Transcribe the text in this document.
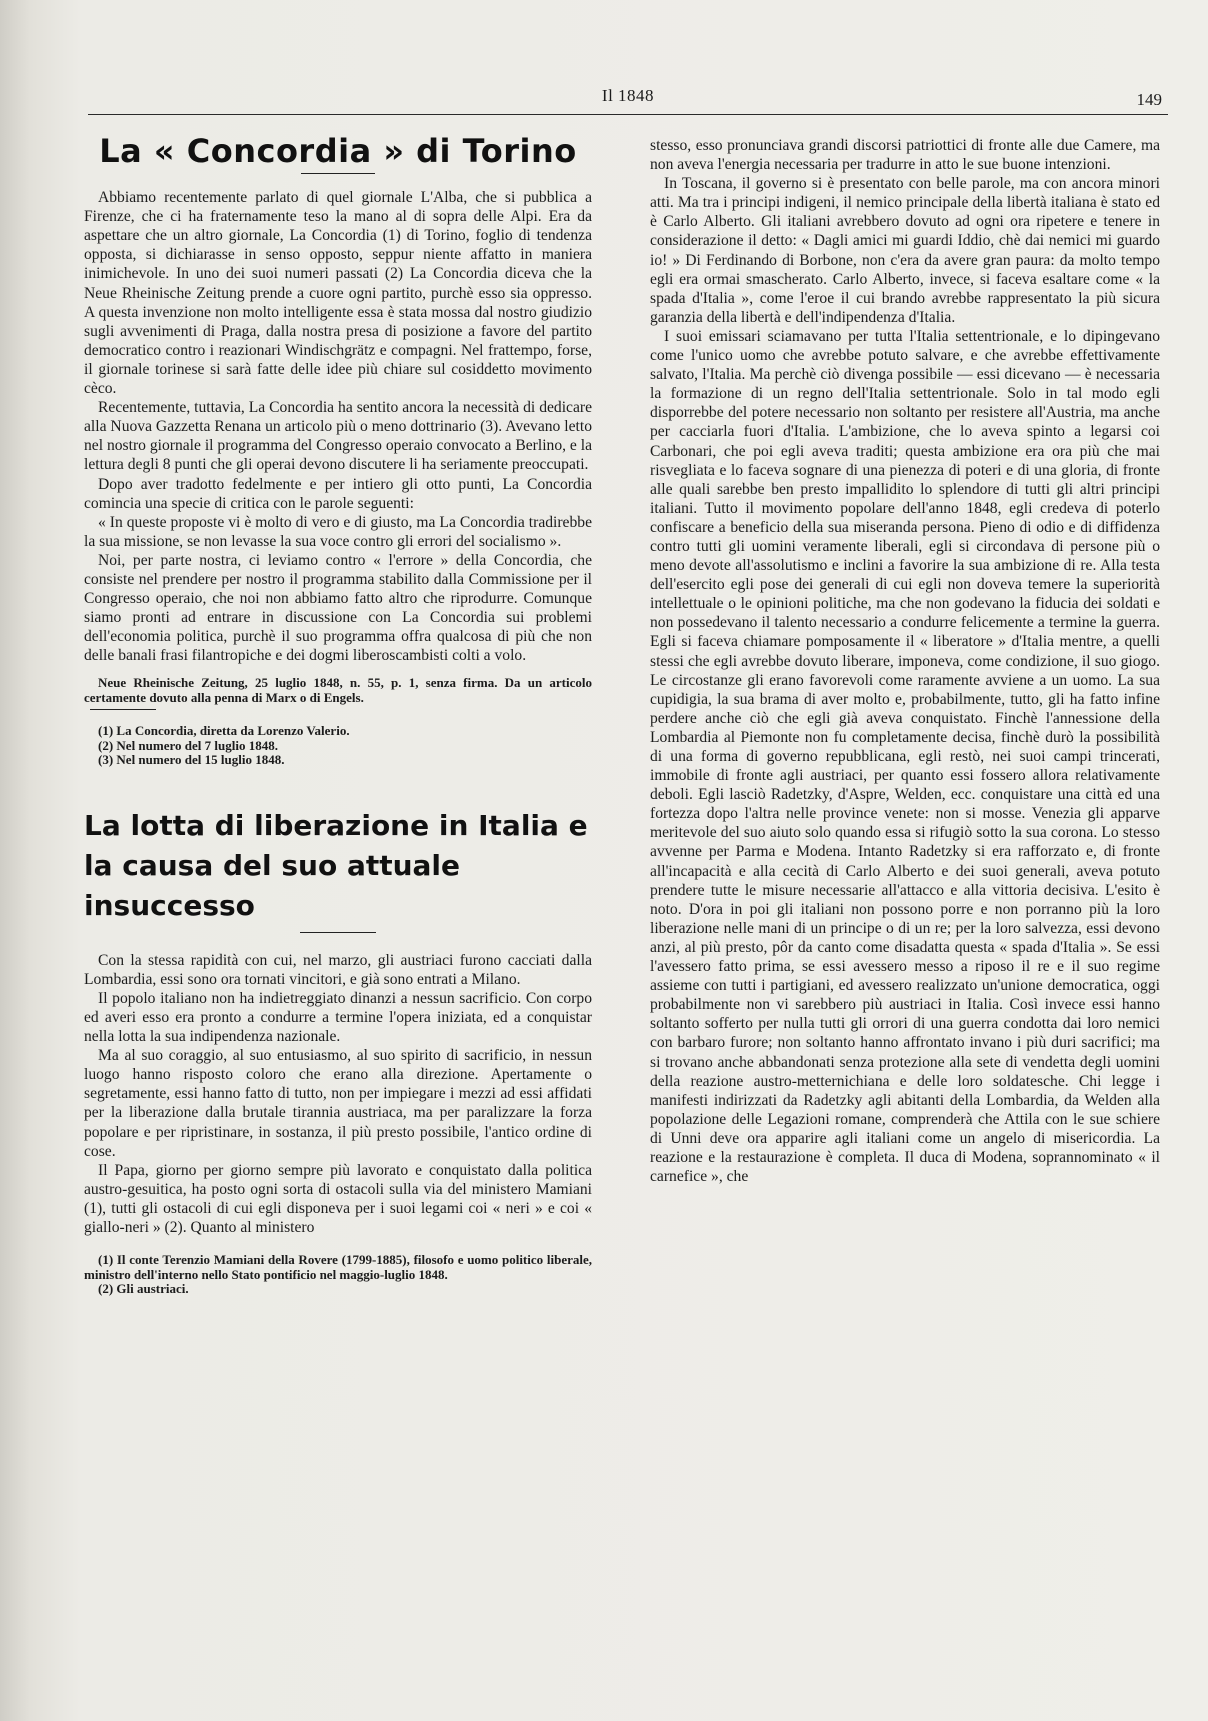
Il 1848	149
La « Concordia » di Torino

Abbiamo recentemente parlato di quel giornale L'Alba, che si pubblica a Firenze, che ci ha fraternamente teso la mano al di sopra delle Alpi. Era da aspettare che un altro giornale, La Concordia (1) di Torino, foglio di tendenza opposta, si dichiarasse in senso opposto, seppur niente affatto in maniera inimichevole. In uno dei suoi numeri passati (2) La Concordia diceva che la Neue Rheinische Zeitung prende a cuore ogni partito, purchè esso sia oppresso. A questa invenzione non molto intelligente essa è stata mossa dal nostro giudizio sugli avvenimenti di Praga, dalla nostra presa di posizione a favore del partito democratico contro i reazionari Windischgrätz e compagni. Nel frattempo, forse, il giornale torinese si sarà fatte delle idee più chiare sul cosiddetto movimento cèco.

Recentemente, tuttavia, La Concordia ha sentito ancora la necessità di dedicare alla Nuova Gazzetta Renana un articolo più o meno dottrinario (3). Avevano letto nel nostro giornale il programma del Congresso operaio convocato a Berlino, e la lettura degli 8 punti che gli operai devono discutere li ha seriamente preoccupati.

Dopo aver tradotto fedelmente e per intiero gli otto punti, La Concordia comincia una specie di critica con le parole seguenti:

« In queste proposte vi è molto di vero e di giusto, ma La Concordia tradirebbe la sua missione, se non levasse la sua voce contro gli errori del socialismo ».

Noi, per parte nostra, ci leviamo contro « l'errore » della Concordia, che consiste nel prendere per nostro il programma stabilito dalla Commissione per il Congresso operaio, che noi non abbiamo fatto altro che riprodurre. Comunque siamo pronti ad entrare in discussione con La Concordia sui problemi dell'economia politica, purchè il suo programma offra qualcosa di più che non delle banali frasi filantropiche e dei dogmi liberoscambisti colti a volo.

Neue Rheinische Zeitung, 25 luglio 1848, n. 55, p. 1, senza firma. Da un articolo certamente dovuto alla penna di Marx o di Engels.
(1) La Concordia, diretta da Lorenzo Valerio.
(2) Nel numero del 7 luglio 1848.
(3) Nel numero del 15 luglio 1848.
La lotta di liberazione in Italia e la causa del suo attuale insuccesso

Con la stessa rapidità con cui, nel marzo, gli austriaci furono cacciati dalla Lombardia, essi sono ora tornati vincitori, e già sono entrati a Milano.

Il popolo italiano non ha indietreggiato dinanzi a nessun sacrificio. Con corpo ed averi esso era pronto a condurre a termine l'opera iniziata, ed a conquistar nella lotta la sua indipendenza nazionale.

Ma al suo coraggio, al suo entusiasmo, al suo spirito di sacrificio, in nessun luogo hanno risposto coloro che erano alla direzione. Apertamente o segretamente, essi hanno fatto di tutto, non per impiegare i mezzi ad essi affidati per la liberazione dalla brutale tirannia austriaca, ma per paralizzare la forza popolare e per ripristinare, in sostanza, il più presto possibile, l'antico ordine di cose.

Il Papa, giorno per giorno sempre più lavorato e conquistato dalla politica austro-gesuitica, ha posto ogni sorta di ostacoli sulla via del ministero Mamiani (1), tutti gli ostacoli di cui egli disponeva per i suoi legami coi « neri » e coi « giallo-neri » (2). Quanto al ministero

(1) Il conte Terenzio Mamiani della Rovere (1799-1885), filosofo e uomo politico liberale, ministro dell'interno nello Stato pontificio nel maggio-luglio 1848.
(2) Gli austriaci.

stesso, esso pronunciava grandi discorsi patriottici di fronte alle due Camere, ma non aveva l'energia necessaria per tradurre in atto le sue buone intenzioni.

In Toscana, il governo si è presentato con belle parole, ma con ancora minori atti. Ma tra i principi indigeni, il nemico principale della libertà italiana è stato ed è Carlo Alberto. Gli italiani avrebbero dovuto ad ogni ora ripetere e tenere in considerazione il detto: « Dagli amici mi guardi Iddio, chè dai nemici mi guardo io! » Di Ferdinando di Borbone, non c'era da avere gran paura: da molto tempo egli era ormai smascherato. Carlo Alberto, invece, si faceva esaltare come « la spada d'Italia », come l'eroe il cui brando avrebbe rappresentato la più sicura garanzia della libertà e dell'indipendenza d'Italia.

I suoi emissari sciamavano per tutta l'Italia settentrionale, e lo dipingevano come l'unico uomo che avrebbe potuto salvare, e che avrebbe effettivamente salvato, l'Italia. Ma perchè ciò divenga possibile — essi dicevano — è necessaria la formazione di un regno dell'Italia settentrionale. Solo in tal modo egli disporrebbe del potere necessario non soltanto per resistere all'Austria, ma anche per cacciarla fuori d'Italia. L'ambizione, che lo aveva spinto a legarsi coi Carbonari, che poi egli aveva traditi; questa ambizione era ora più che mai risvegliata e lo faceva sognare di una pienezza di poteri e di una gloria, di fronte alle quali sarebbe ben presto impallidito lo splendore di tutti gli altri principi italiani. Tutto il movimento popolare dell'anno 1848, egli credeva di poterlo confiscare a beneficio della sua miseranda persona. Pieno di odio e di diffidenza contro tutti gli uomini veramente liberali, egli si circondava di persone più o meno devote all'assolutismo e inclini a favorire la sua ambizione di re. Alla testa dell'esercito egli pose dei generali di cui egli non doveva temere la superiorità intellettuale o le opinioni politiche, ma che non godevano la fiducia dei soldati e non possedevano il talento necessario a condurre felicemente a termine la guerra. Egli si faceva chiamare pomposamente il « liberatore » d'Italia mentre, a quelli stessi che egli avrebbe dovuto liberare, imponeva, come condizione, il suo giogo. Le circostanze gli erano favorevoli come raramente avviene a un uomo. La sua cupidigia, la sua brama di aver molto e, probabilmente, tutto, gli ha fatto infine perdere anche ciò che egli già aveva conquistato. Finchè l'annessione della Lombardia al Piemonte non fu completamente decisa, finchè durò la possibilità di una forma di governo repubblicana, egli restò, nei suoi campi trincerati, immobile di fronte agli austriaci, per quanto essi fossero allora relativamente deboli. Egli lasciò Radetzky, d'Aspre, Welden, ecc. conquistare una città ed una fortezza dopo l'altra nelle province venete: non si mosse. Venezia gli apparve meritevole del suo aiuto solo quando essa si rifugiò sotto la sua corona. Lo stesso avvenne per Parma e Modena. Intanto Radetzky si era rafforzato e, di fronte all'incapacità e alla cecità di Carlo Alberto e dei suoi generali, aveva potuto prendere tutte le misure necessarie all'attacco e alla vittoria decisiva. L'esito è noto. D'ora in poi gli italiani non possono porre e non porranno più la loro liberazione nelle mani di un principe o di un re; per la loro salvezza, essi devono anzi, al più presto, pôr da canto come disadatta questa « spada d'Italia ». Se essi l'avessero fatto prima, se essi avessero messo a riposo il re e il suo regime assieme con tutti i partigiani, ed avessero realizzato un'unione democratica, oggi probabilmente non vi sarebbero più austriaci in Italia. Così invece essi hanno soltanto sofferto per nulla tutti gli orrori di una guerra condotta dai loro nemici con barbaro furore; non soltanto hanno affrontato invano i più duri sacrifici; ma si trovano anche abbandonati senza protezione alla sete di vendetta degli uomini della reazione austro-metternichiana e delle loro soldatesche. Chi legge i manifesti indirizzati da Radetzky agli abitanti della Lombardia, da Welden alla popolazione delle Legazioni romane, comprenderà che Attila con le sue schiere di Unni deve ora apparire agli italiani come un angelo di misericordia. La reazione e la restaurazione è completa. Il duca di Modena, soprannominato « il carnefice », che
